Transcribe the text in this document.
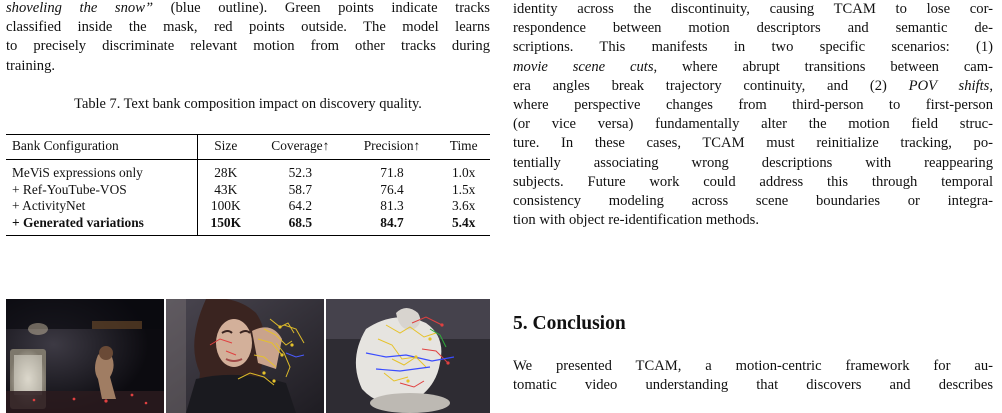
shoveling the snow” (blue outline). Green points indicate tracks

classified inside the mask, red points outside. The model learns

to precisely discriminate relevant motion from other tracks during

training.

Table 7. Text bank composition impact on discovery quality.

Bank Configuration	Size	Coverage↑	Precision↑	Time
MeViS expressions only	28K	52.3	71.8	1.0x
+ Ref-YouTube-VOS	43K	58.7	76.4	1.5x
+ ActivityNet	100K	64.2	81.3	3.6x
+ Generated variations	150K	68.5	84.7	5.4x
identity across the discontinuity, causing TCAM to lose cor-
respondence between motion descriptors and semantic de-
scriptions. This manifests in two specific scenarios: (1)
movie scene cuts, where abrupt transitions between cam-
era angles break trajectory continuity, and (2) POV shifts,
where perspective changes from third-person to first-person
(or vice versa) fundamentally alter the motion field struc-
ture. In these cases, TCAM must reinitialize tracking, po-
tentially associating wrong descriptions with reappearing
subjects. Future work could address this through temporal
consistency modeling across scene boundaries or integra-
tion with object re-identification methods.
5. Conclusion
We presented TCAM, a motion-centric framework for au-
tomatic video understanding that discovers and describes
